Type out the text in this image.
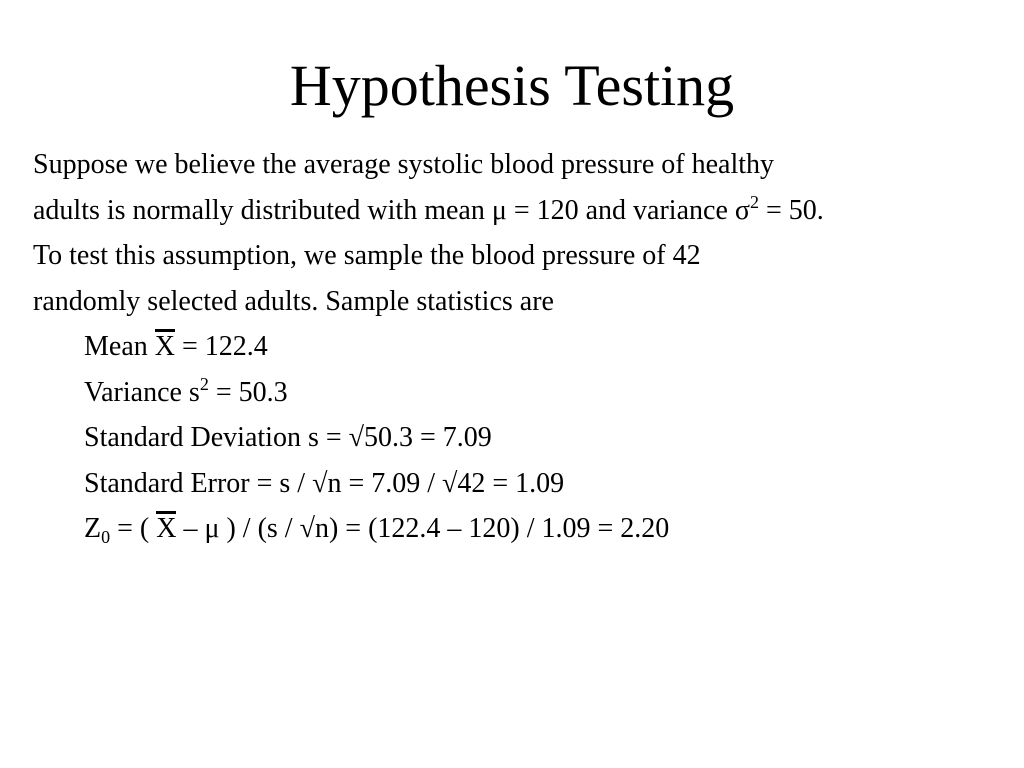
Hypothesis Testing
Suppose we believe the average systolic blood pressure of healthy
adults is normally distributed with mean μ = 120 and variance $\sigma^2 = 50$.
To test this assumption, we sample the blood pressure of 42
randomly selected adults. Sample statistics are
Mean X = 122.4
Variance $s^2 = 50.3$
Standard Deviation s = √50.3 = 7.09
Standard Error = s / √n = 7.09 / √42 = 1.09
$Z_0$ = ( X – μ ) / (s / √n) = (122.4 – 120) / 1.09 = 2.20
